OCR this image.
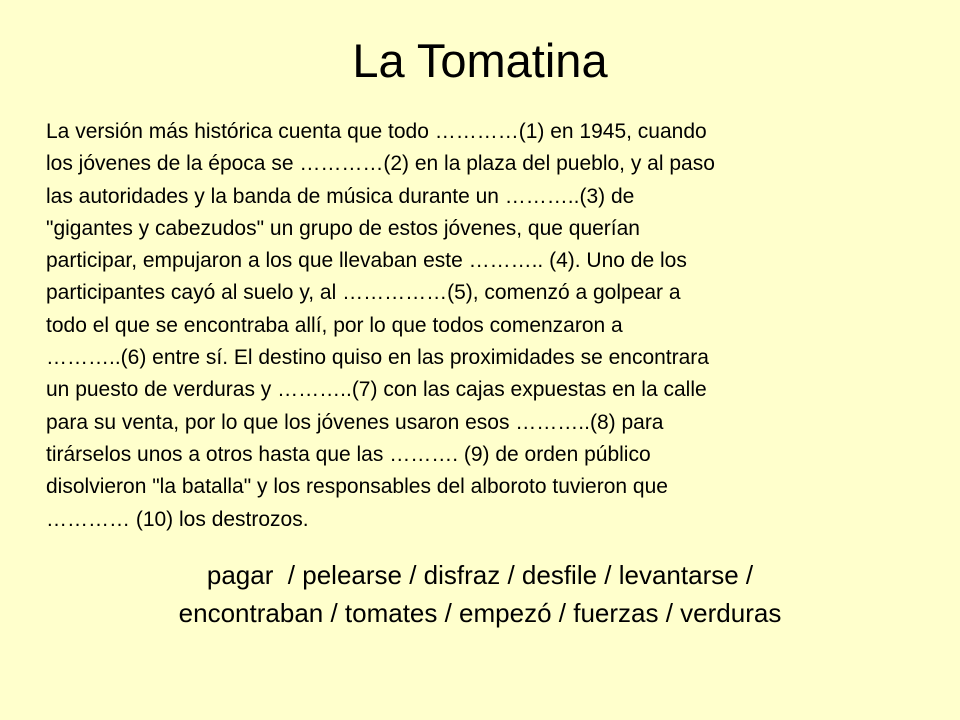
La Tomatina
La versión más histórica cuenta que todo …………(1) en 1945, cuando
los jóvenes de la época se …………(2) en la plaza del pueblo, y al paso
las autoridades y la banda de música durante un ………..(3) de
"gigantes y cabezudos" un grupo de estos jóvenes, que querían
participar, empujaron a los que llevaban este ……….. (4). Uno de los
participantes cayó al suelo y, al ……………(5), comenzó a golpear a
todo el que se encontraba allí, por lo que todos comenzaron a
………..(6) entre sí. El destino quiso en las proximidades se encontrara
un puesto de verduras y ………..(7) con las cajas expuestas en la calle
para su venta, por lo que los jóvenes usaron esos ………..(8) para
tirárselos unos a otros hasta que las ………. (9) de orden público
disolvieron "la batalla" y los responsables del alboroto tuvieron que
………… (10) los destrozos.
pagar  / pelearse / disfraz / desfile / levantarse /
encontraban / tomates / empezó / fuerzas / verduras
